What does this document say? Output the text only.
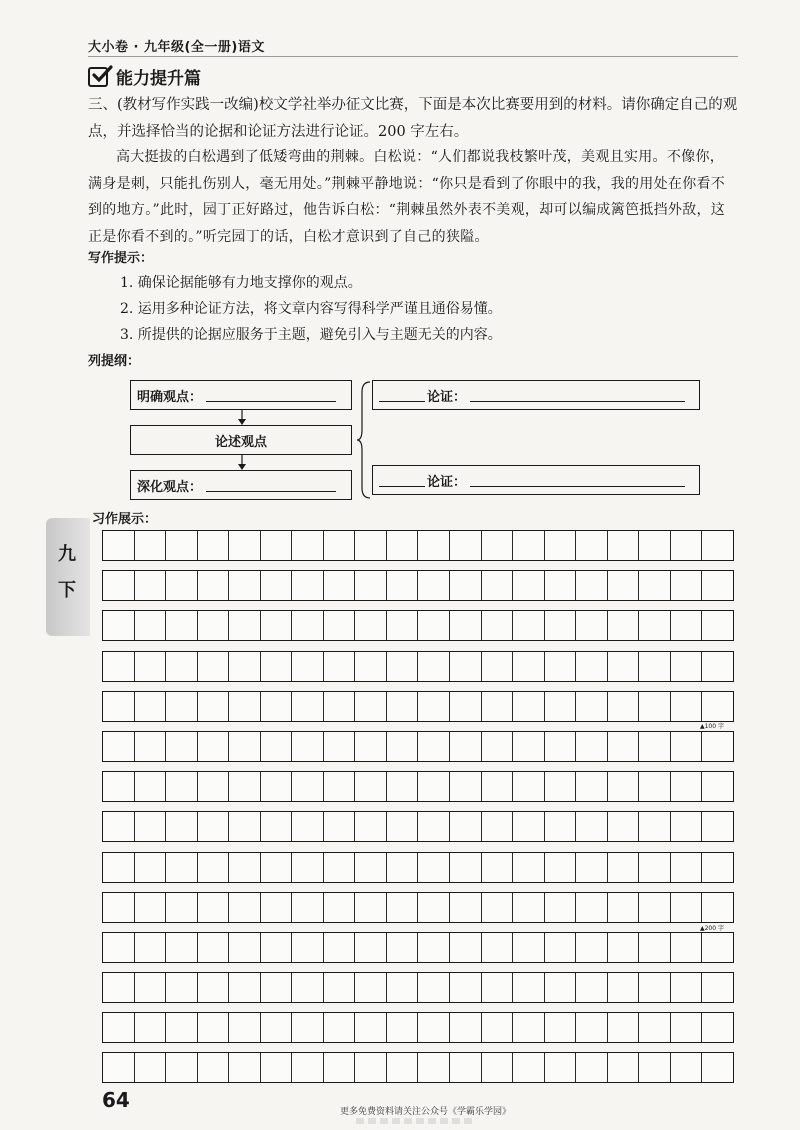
大小卷 · 九年级(全一册)语文
能力提升篇
三、(教材写作实践一改编)校文学社举办征文比赛，下面是本次比赛要用到的材料。请你确定自己的观点，并选择恰当的论据和论证方法进行论证。200 字左右。
高大挺拔的白松遇到了低矮弯曲的荆棘。白松说：“人们都说我枝繁叶茂，美观且实用。不像你，满身是刺，只能扎伤别人，毫无用处。”荆棘平静地说：“你只是看到了你眼中的我，我的用处在你看不到的地方。”此时，园丁正好路过，他告诉白松：“荆棘虽然外表不美观，却可以编成篱笆抵挡外敌，这正是你看不到的。”听完园丁的话，白松才意识到了自己的狭隘。
写作提示：
1. 确保论据能够有力地支撑你的观点。
2. 运用多种论证方法，将文章内容写得科学严谨且通俗易懂。
3. 所提供的论据应服务于主题，避免引入与主题无关的内容。
列提纲：
明确观点：
论述观点
深化观点：
论证：
论证：
习作展示：
九
下
▲100 字
▲200 字
64	更多免费资料请关注公众号《学霸乐学园》
